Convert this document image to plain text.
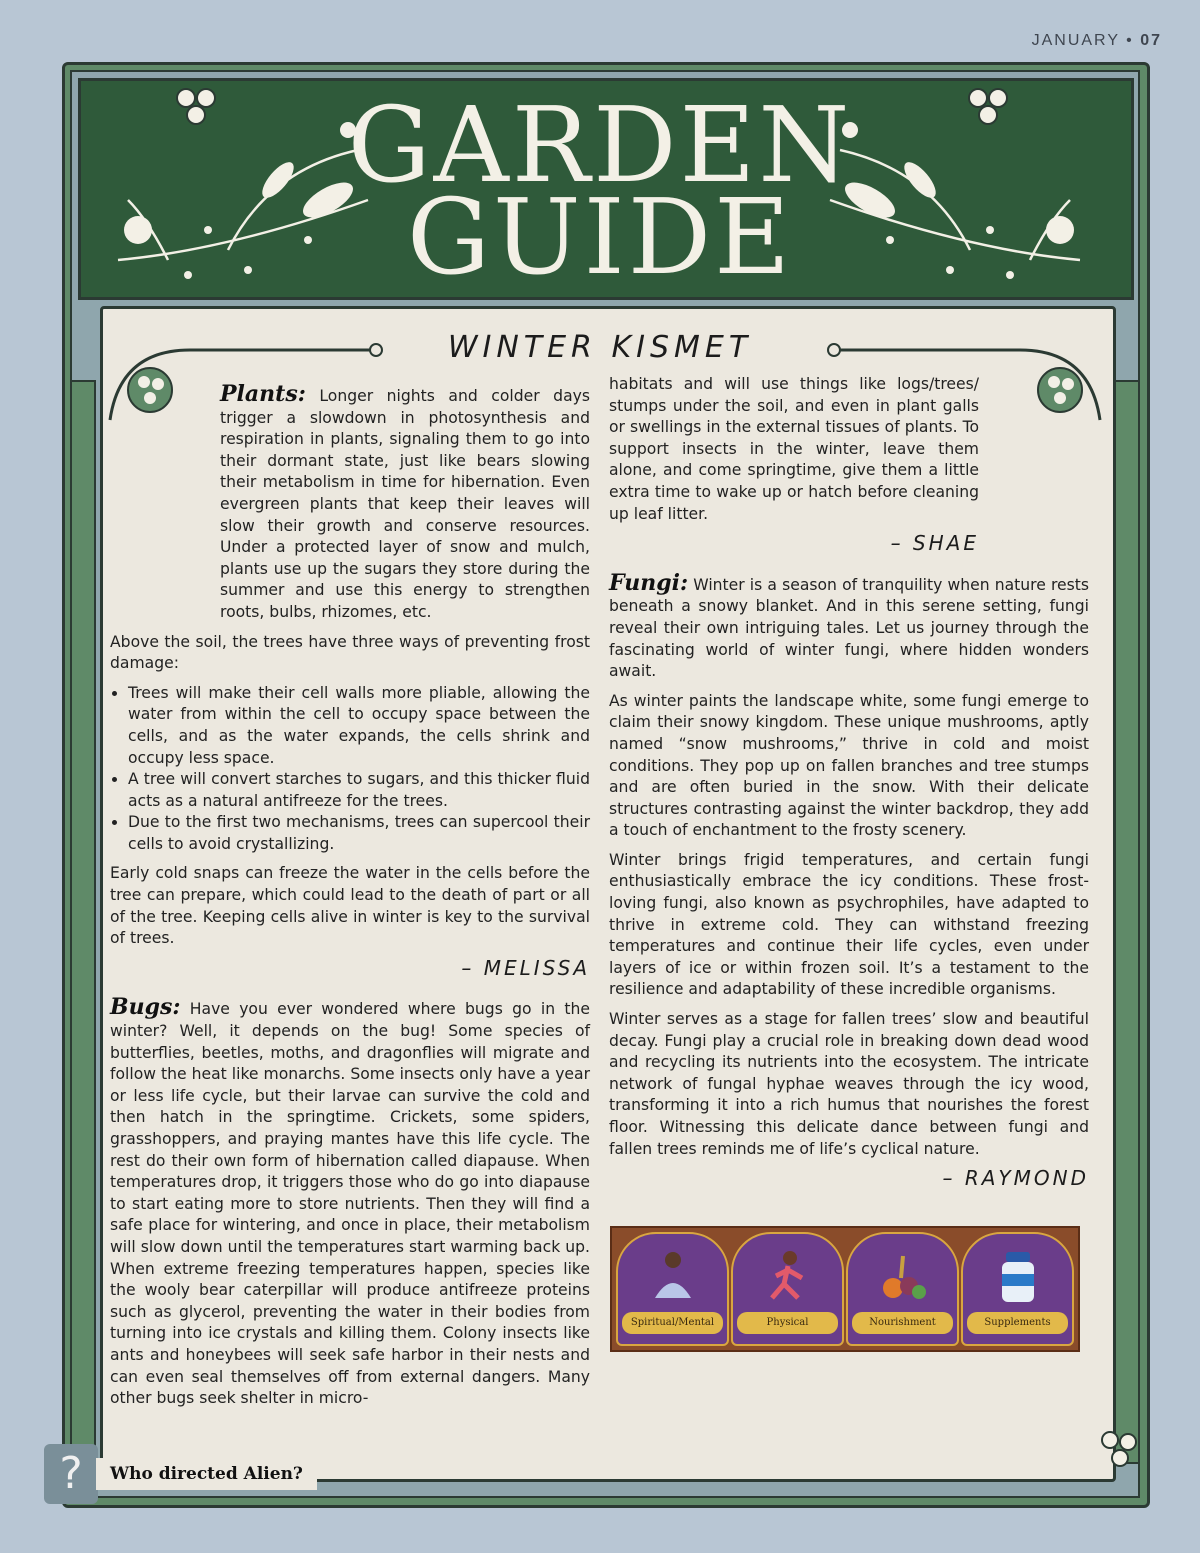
JANUARY • 07
GARDEN
GUIDE
WINTER KISMET

Plants: Longer nights and colder days trigger a slowdown in photosynthesis and respiration in plants, signaling them to go into their dormant state, just like bears slowing their metabolism in time for hibernation. Even evergreen plants that keep their leaves will slow their growth and conserve resources. Under a protected layer of snow and mulch, plants use up the sugars they store during the summer and use this energy to strengthen roots, bulbs, rhizomes, etc.

Above the soil, the trees have three ways of preventing frost damage:

• Trees will make their cell walls more pliable, allowing the water from within the cell to occupy space between the cells, and as the water expands, the cells shrink and occupy less space.
• A tree will convert starches to sugars, and this thicker fluid acts as a natural antifreeze for the trees.
• Due to the first two mechanisms, trees can supercool their cells to avoid crystallizing.

Early cold snaps can freeze the water in the cells before the tree can prepare, which could lead to the death of part or all of the tree. Keeping cells alive in winter is key to the survival of trees.

– MELISSA

Bugs: Have you ever wondered where bugs go in the winter? Well, it depends on the bug! Some species of butterflies, beetles, moths, and dragonflies will migrate and follow the heat like monarchs. Some insects only have a year or less life cycle, but their larvae can survive the cold and then hatch in the springtime. Crickets, some spiders, grasshoppers, and praying mantes have this life cycle. The rest do their own form of hibernation called diapause. When temperatures drop, it triggers those who do go into diapause to start eating more to store nutrients. Then they will find a safe place for wintering, and once in place, their metabolism will slow down until the temperatures start warming back up. When extreme freezing temperatures happen, species like the wooly bear caterpillar will produce antifreeze proteins such as glycerol, preventing the water in their bodies from turning into ice crystals and killing them. Colony insects like ants and honeybees will seek safe harbor in their nests and can even seal themselves off from external dangers. Many other bugs seek shelter in micro-

habitats and will use things like logs/trees/ stumps under the soil, and even in plant galls or swellings in the external tissues of plants. To support insects in the winter, leave them alone, and come springtime, give them a little extra time to wake up or hatch before cleaning up leaf litter.

– SHAE

Fungi: Winter is a season of tranquility when nature rests beneath a snowy blanket. And in this serene setting, fungi reveal their own intriguing tales. Let us journey through the fascinating world of winter fungi, where hidden wonders await.

As winter paints the landscape white, some fungi emerge to claim their snowy kingdom. These unique mushrooms, aptly named “snow mushrooms,” thrive in cold and moist conditions. They pop up on fallen branches and tree stumps and are often buried in the snow. With their delicate structures contrasting against the winter backdrop, they add a touch of enchantment to the frosty scenery.

Winter brings frigid temperatures, and certain fungi enthusiastically embrace the icy conditions. These frost-loving fungi, also known as psychrophiles, have adapted to thrive in extreme cold. They can withstand freezing temperatures and continue their life cycles, even under layers of ice or within frozen soil. It’s a testament to the resilience and adaptability of these incredible organisms.

Winter serves as a stage for fallen trees’ slow and beautiful decay. Fungi play a crucial role in breaking down dead wood and recycling its nutrients into the ecosystem. The intricate network of fungal hyphae weaves through the icy wood, transforming it into a rich humus that nourishes the forest floor. Witnessing this delicate dance between fungi and fallen trees reminds me of life’s cyclical nature.

– RAYMOND
Spiritual/Mental	Physical	Nourishment	Supplements
?	Who directed Alien?
